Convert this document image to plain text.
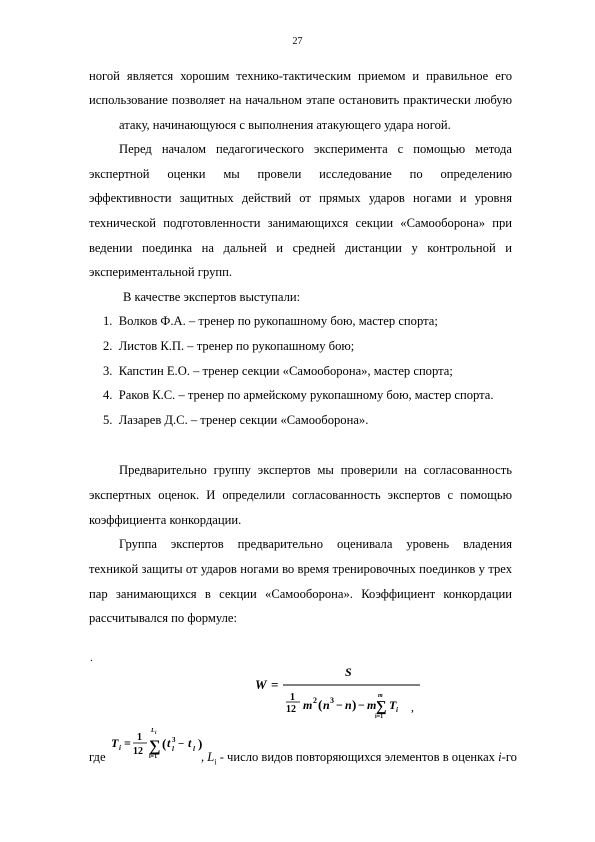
27
ногой является хорошим технико-тактическим приемом и правильное его
использование позволяет на начальном этапе остановить практически любую
атаку, начинающуюся с выполнения атакующего удара ногой.
Перед началом педагогического эксперимента с помощью метода
экспертной оценки мы провели исследование по определению
эффективности защитных действий от прямых ударов ногами и уровня
технической подготовленности занимающихся секции «Самооборона» при
ведении поединка на дальней и средней дистанции у контрольной и
экспериментальной групп.
В качестве экспертов выступали:
1. Волков Ф.А. – тренер по рукопашному бою, мастер спорта;
2. Листов К.П. – тренер по рукопашному бою;
3. Капстин Е.О. – тренер секции «Самооборона», мастер спорта;
4. Раков К.С. – тренер по армейскому рукопашному бою, мастер спорта.
5. Лазарев Д.С. – тренер секции «Самооборона».
Предварительно группу экспертов мы проверили на согласованность
экспертных оценок. И определили согласованность экспертов с помощью
коэффициента конкордации.
Группа экспертов предварительно оценивала уровень владения
техникой защиты от ударов ногами во время тренировочных поединков у трех
пар занимающихся в секции «Самооборона». Коэффициент конкордации
рассчитывался по формуле:
.
W =
S
1
12 m 2 ( n 3 − n ) − m
m
∑
i=1
T i ,
где
T i = 1
12
L i
∑
l=1
( t 3
l − t l )
, $L_i$ - число видов повторяющихся элементов в оценках i-го
